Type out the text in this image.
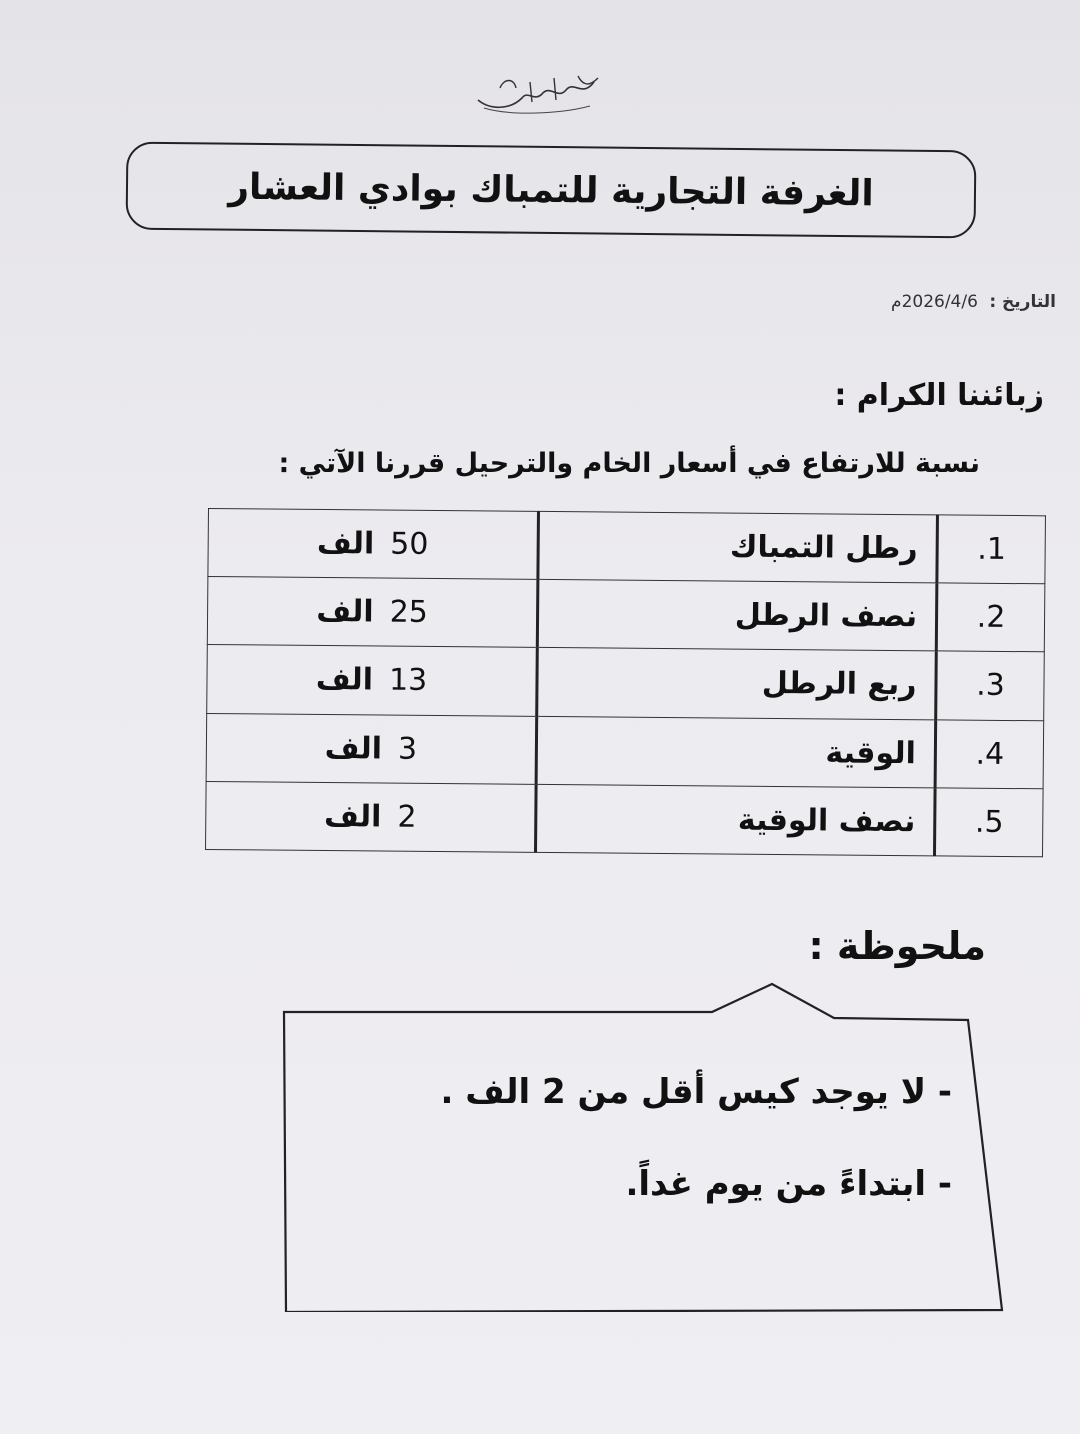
الغرفة التجارية للتمباك بوادي العشار
التاريخ : 2026/4/6م
زبائننا الكرام :
نسبة للارتفاع في أسعار الخام والترحيل قررنا الآتي :
1.	رطل التمباك	50الف
2.	نصف الرطل	25الف
3.	ربع الرطل	13الف
4.	الوقية	3الف
5.	نصف الوقية	2الف
ملحوظة :
- لا يوجد كيس أقل من 2 الف .
- ابتداءً من يوم غداً.
